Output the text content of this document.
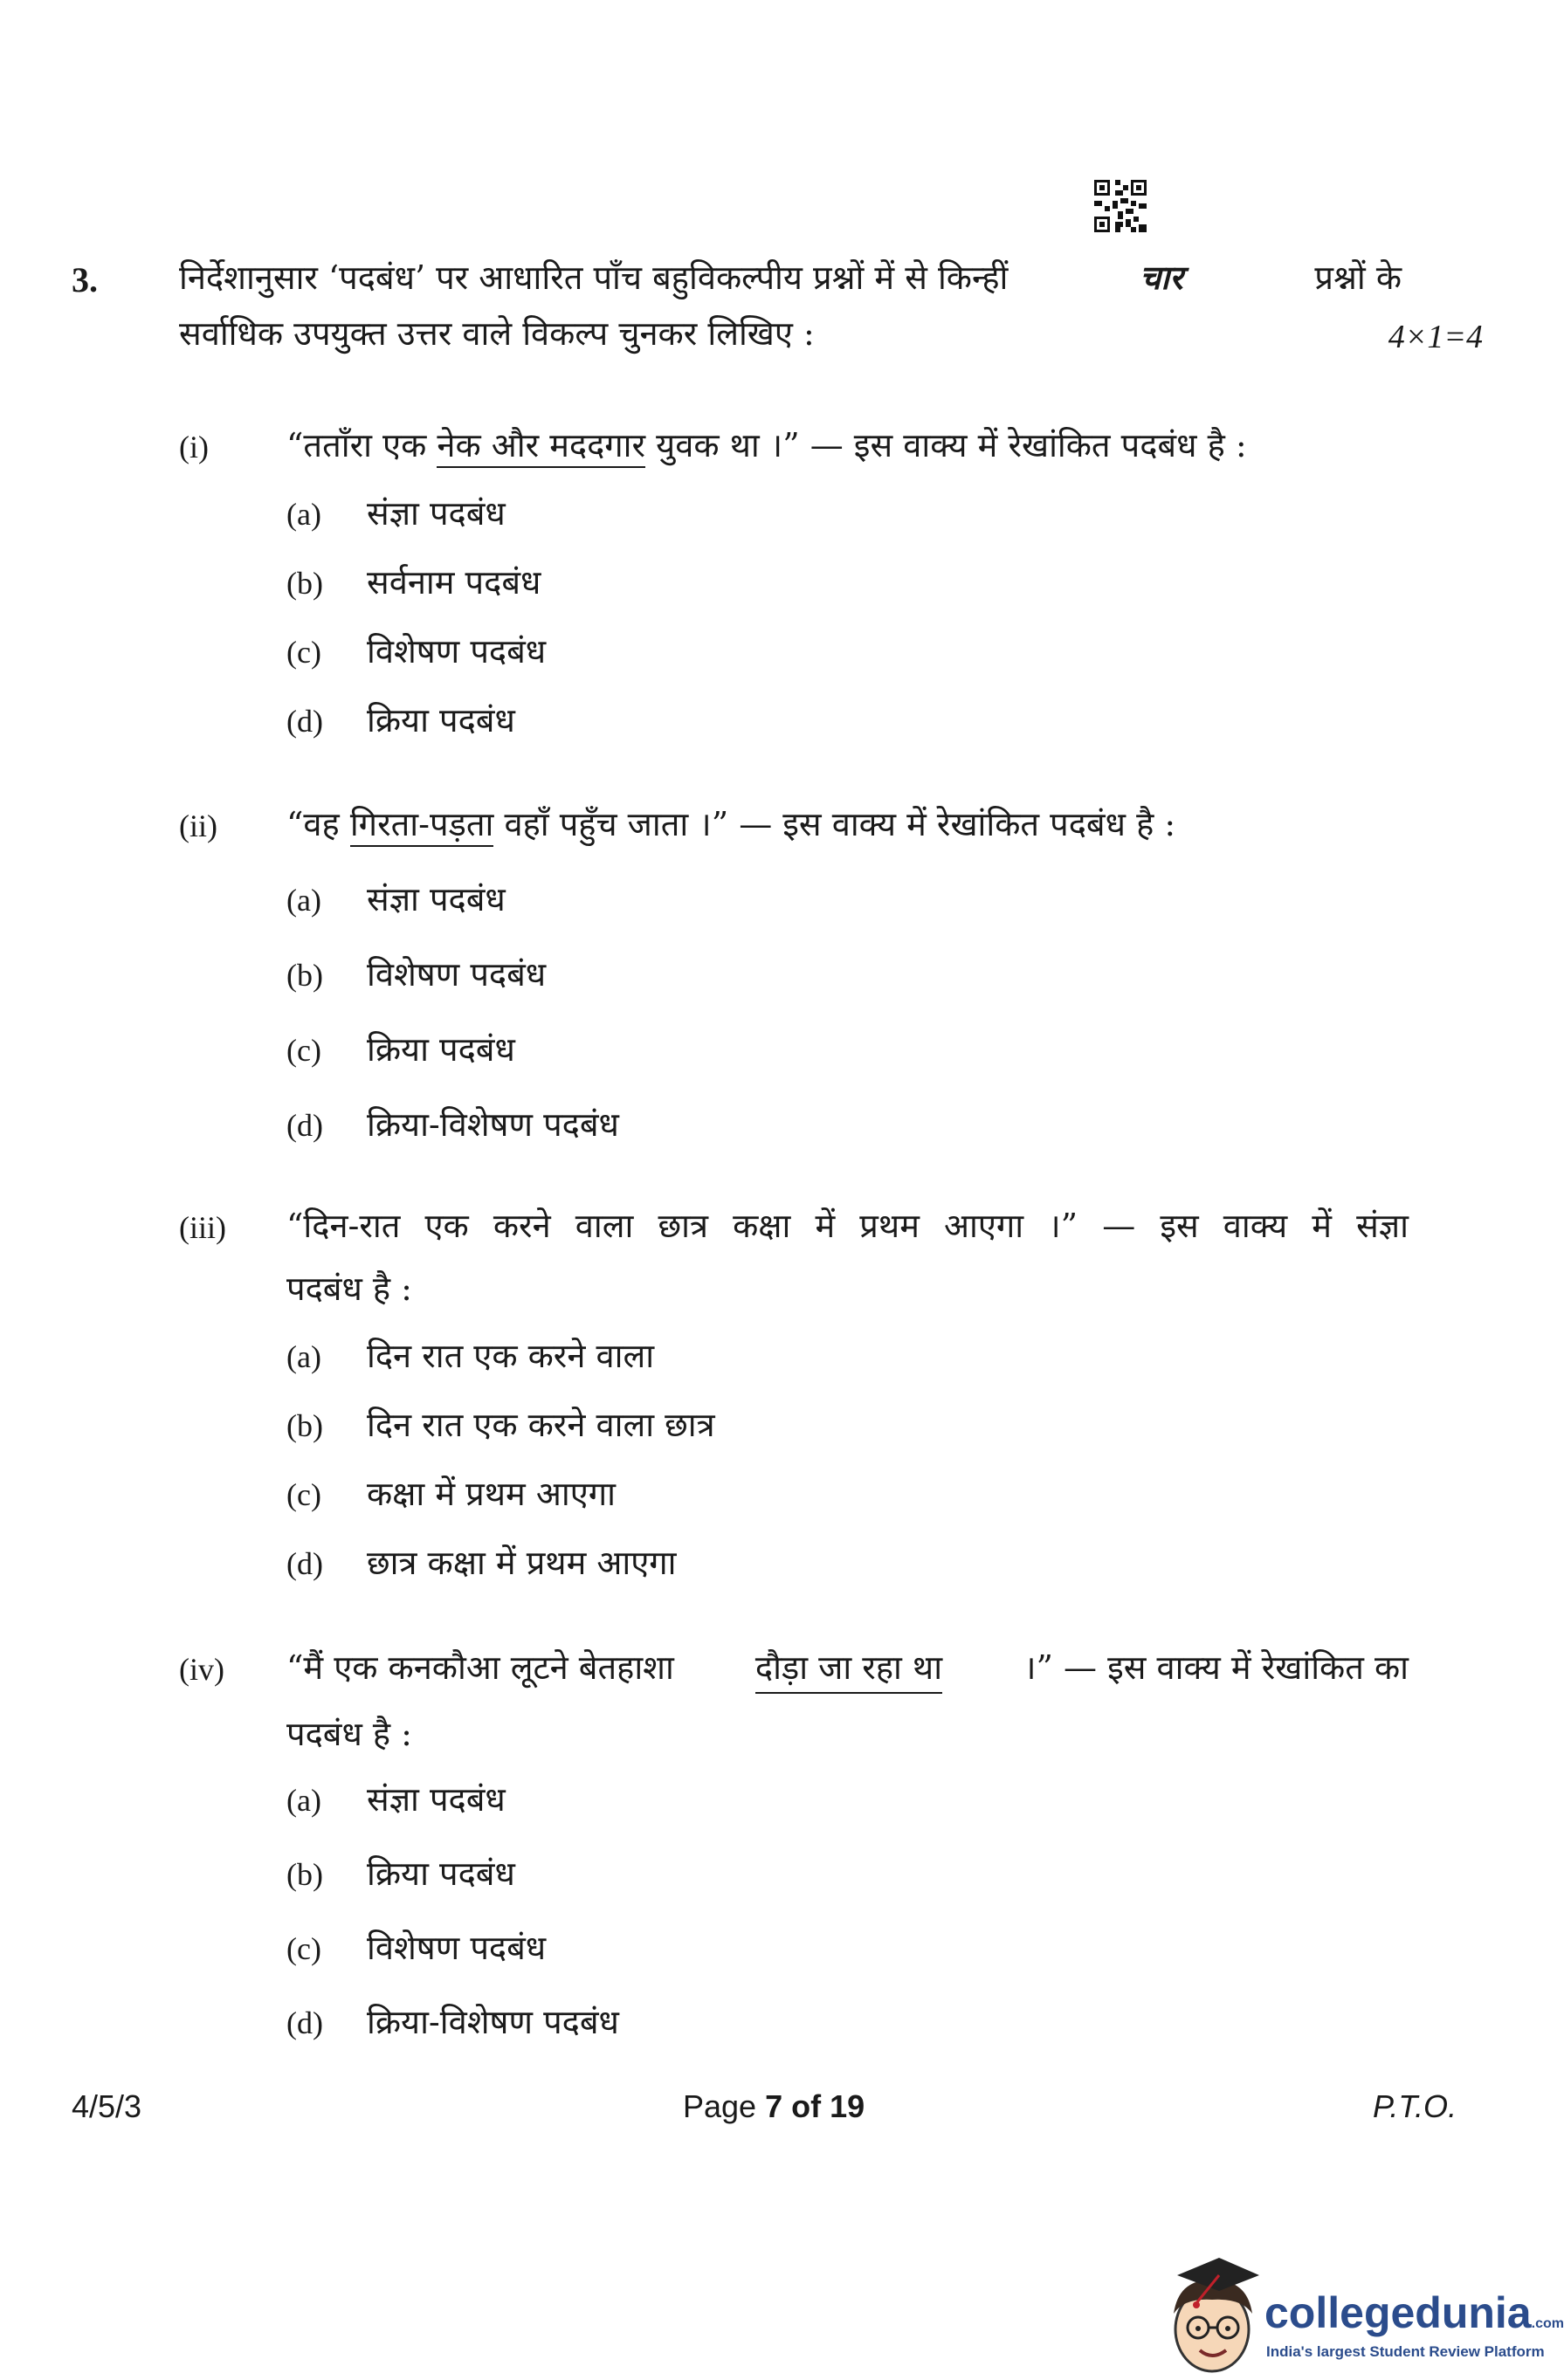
3. निर्देशानुसार ‘पदबंध’ पर आधारित पाँच बहुविकल्पीय प्रश्नों में से किन्हीं	चार	प्रश्नों के
सर्वाधिक उपयुक्त उत्तर वाले विकल्प चुनकर लिखिए :	4×1=4
(i) “तताँरा एक नेक और मददगार युवक था ।” — इस वाक्य में रेखांकित पदबंध है :
(a)	संज्ञा पदबंध
(b)	सर्वनाम पदबंध
(c)	विशेषण पदबंध
(d)	क्रिया पदबंध
(ii) “वह गिरता-पड़ता वहाँ पहुँच जाता ।” — इस वाक्य में रेखांकित पदबंध है :
(a)	संज्ञा पदबंध
(b)	विशेषण पदबंध
(c)	क्रिया पदबंध
(d)	क्रिया-विशेषण पदबंध
(iii) “दिन-रात एक करने वाला छात्र कक्षा में प्रथम आएगा ।” — इस वाक्य में संज्ञा
पदबंध है :
(a)	दिन रात एक करने वाला
(b)	दिन रात एक करने वाला छात्र
(c)	कक्षा में प्रथम आएगा
(d)	छात्र कक्षा में प्रथम आएगा
(iv) “मैं एक कनकौआ लूटने बेतहाशा दौड़ा जा रहा था ।” — इस वाक्य में रेखांकित का
पदबंध है :
(a)	संज्ञा पदबंध
(b)	क्रिया पदबंध
(c)	विशेषण पदबंध
(d)	क्रिया-विशेषण पदबंध
4/5/3	Page 7 of 19	P.T.O.
collegedunia.com
India's largest Student Review Platform
